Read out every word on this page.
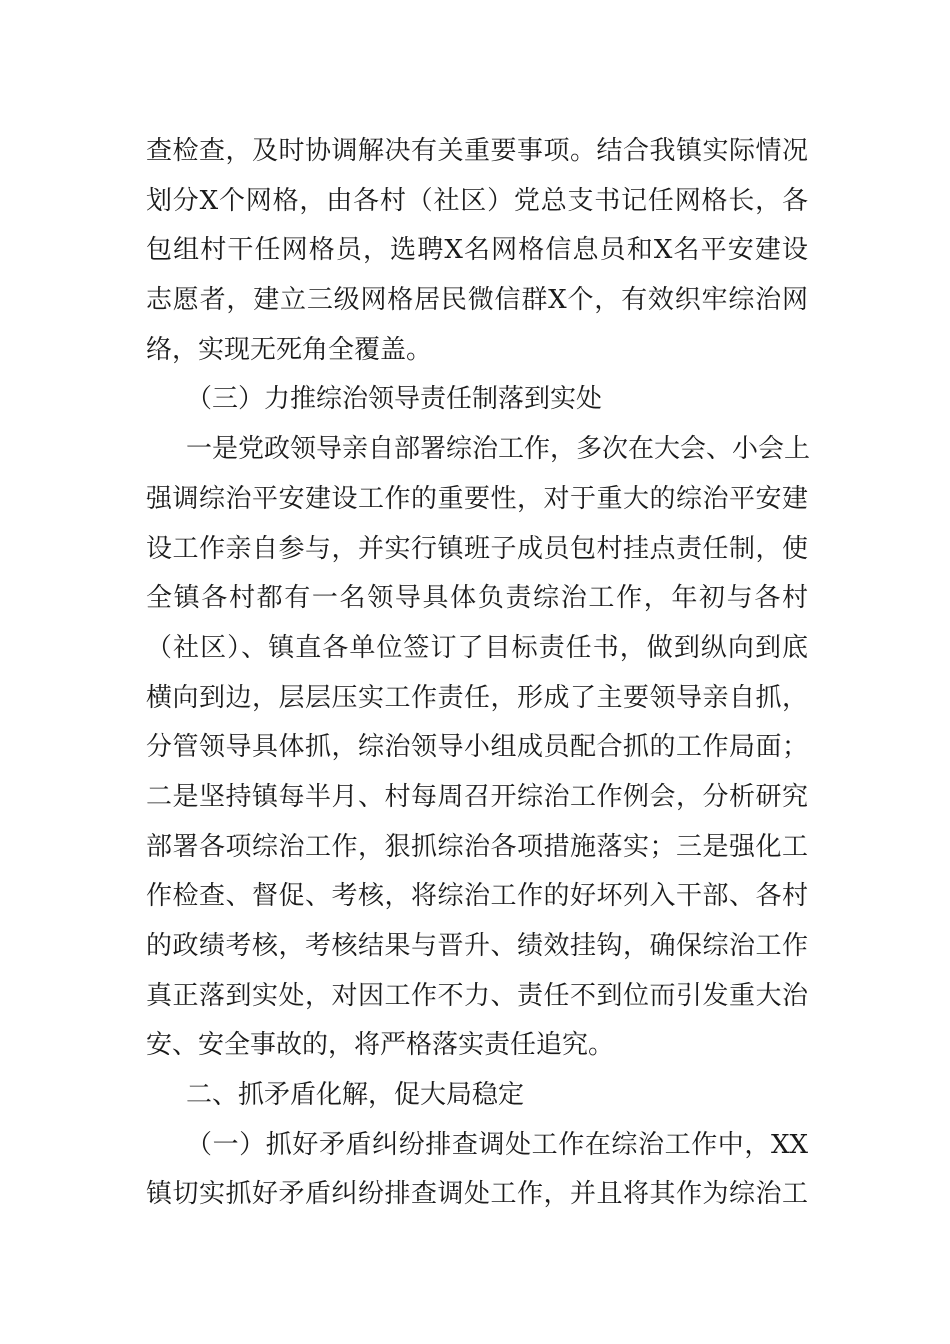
查检查，及时协调解决有关重要事项。结合我镇实际情况
划分X个网格，由各村（社区）党总支书记任网格长，各
包组村干任网格员，选聘X名网格信息员和X名平安建设
志愿者，建立三级网格居民微信群X个，有效织牢综治网
络，实现无死角全覆盖。
（三）力推综治领导责任制落到实处
一是党政领导亲自部署综治工作，多次在大会、小会上
强调综治平安建设工作的重要性，对于重大的综治平安建
设工作亲自参与，并实行镇班子成员包村挂点责任制，使
全镇各村都有一名领导具体负责综治工作，年初与各村
（社区）、镇直各单位签订了目标责任书，做到纵向到底
横向到边，层层压实工作责任，形成了主要领导亲自抓，
分管领导具体抓，综治领导小组成员配合抓的工作局面；
二是坚持镇每半月、村每周召开综治工作例会，分析研究
部署各项综治工作，狠抓综治各项措施落实；三是强化工
作检查、督促、考核，将综治工作的好坏列入干部、各村
的政绩考核，考核结果与晋升、绩效挂钩，确保综治工作
真正落到实处，对因工作不力、责任不到位而引发重大治
安、安全事故的，将严格落实责任追究。
二、抓矛盾化解，促大局稳定
（一）抓好矛盾纠纷排查调处工作在综治工作中，XX
镇切实抓好矛盾纠纷排查调处工作，并且将其作为综治工
